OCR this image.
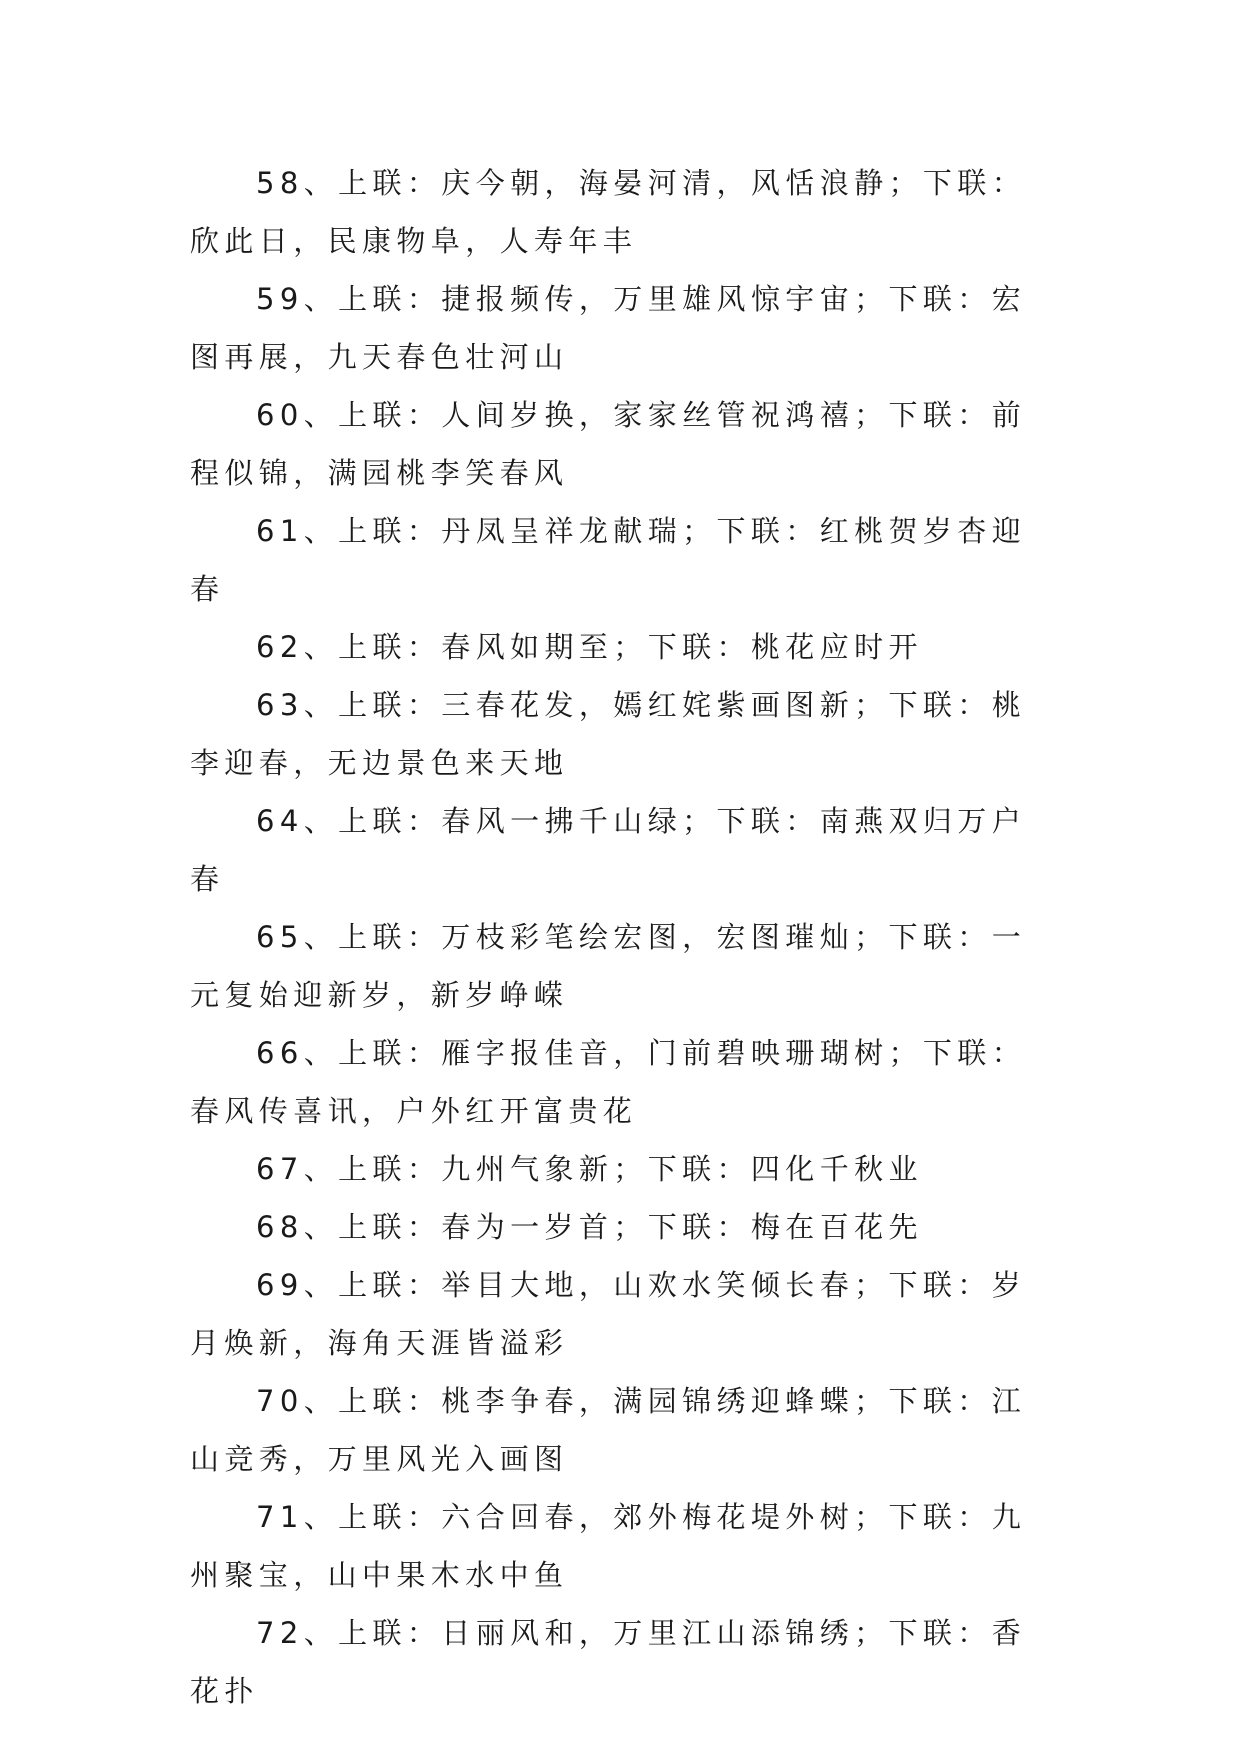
58、上联：庆今朝，海晏河清，风恬浪静；下联：欣此日，民康物阜，人寿年丰

59、上联：捷报频传，万里雄风惊宇宙；下联：宏图再展，九天春色壮河山

60、上联：人间岁换，家家丝管祝鸿禧；下联：前程似锦，满园桃李笑春风

61、上联：丹凤呈祥龙献瑞；下联：红桃贺岁杏迎春

62、上联：春风如期至；下联：桃花应时开

63、上联：三春花发，嫣红姹紫画图新；下联：桃李迎春，无边景色来天地

64、上联：春风一拂千山绿；下联：南燕双归万户春

65、上联：万枝彩笔绘宏图，宏图璀灿；下联：一元复始迎新岁，新岁峥嵘

66、上联：雁字报佳音，门前碧映珊瑚树；下联：春风传喜讯，户外红开富贵花

67、上联：九州气象新；下联：四化千秋业

68、上联：春为一岁首；下联：梅在百花先

69、上联：举目大地，山欢水笑倾长春；下联：岁月焕新，海角天涯皆溢彩

70、上联：桃李争春，满园锦绣迎蜂蝶；下联：江山竞秀，万里风光入画图

71、上联：六合回春，郊外梅花堤外树；下联：九州聚宝，山中果木水中鱼

72、上联：日丽风和，万里江山添锦绣；下联：香花扑
